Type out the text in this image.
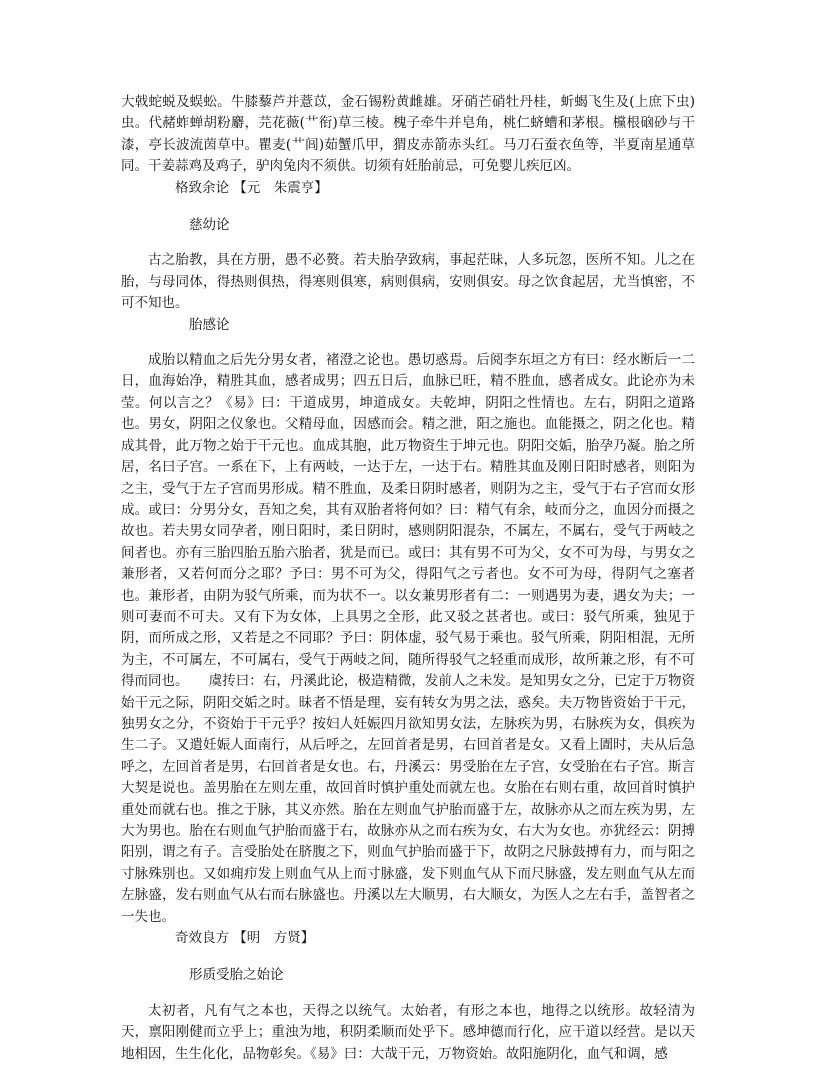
大戟蛇蜕及蜈蚣。牛膝藜芦并薏苡，金石锡粉黄雌雄。牙硝芒硝牡丹桂，蚚蝎飞生及(上庶下虫)虫。代赭蚱蝉胡粉麝，芫花薇(艹衔)草三棱。槐子牵牛并皂角，桃仁蛴螬和茅根。欓根硇砂与干漆，亭长波流茵草中。瞿麦(艹闾)茹蟹爪甲，猬皮赤箭赤头红。马刀石蚕衣鱼等，半夏南星通草同。干姜蒜鸡及鸡子，驴肉兔肉不须供。切须有妊胎前忌，可免婴儿疾厄凶。

格致余论 【元　朱震亨】

慈幼论

古之胎教，具在方册，愚不必赘。若夫胎孕致病，事起茫昧，人多玩忽，医所不知。儿之在胎，与母同体，得热则俱热，得寒则俱寒，病则俱病，安则俱安。母之饮食起居，尤当慎密，不可不知也。

胎感论

成胎以精血之后先分男女者，褚澄之论也。愚切惑焉。后阅李东垣之方有曰：经水断后一二日，血海始净，精胜其血，感者成男；四五日后，血脉已旺，精不胜血，感者成女。此论亦为未莹。何以言之？《易》曰：干道成男，坤道成女。夫乾坤，阴阳之性情也。左右，阴阳之道路也。男女，阴阳之仪象也。父精母血，因感而会。精之泄，阳之施也。血能摄之，阴之化也。精成其骨，此万物之始于干元也。血成其胞，此万物资生于坤元也。阴阳交姤，胎孕乃凝。胎之所居，名曰子宫。一系在下，上有两岐，一达于左，一达于右。精胜其血及刚日阳时感者，则阳为之主，受气于左子宫而男形成。精不胜血，及柔日阴时感者，则阴为之主，受气于右子宫而女形成。或曰：分男分女，吾知之矣，其有双胎者将何如？曰：精气有余，岐而分之，血因分而摄之故也。若夫男女同孕者，刚日阳时，柔日阴时，感则阴阳混杂，不属左，不属右，受气于两岐之间者也。亦有三胎四胎五胎六胎者，犹是而已。或曰：其有男不可为父，女不可为母，与男女之兼形者，又若何而分之耶？予曰：男不可为父，得阳气之亏者也。女不可为母，得阴气之塞者也。兼形者，由阴为驳气所乘，而为状不一。以女兼男形者有二：一则遇男为妻，遇女为夫；一则可妻而不可夫。又有下为女体，上具男之全形，此又驳之甚者也。或曰：驳气所乘，独见于阴，而所成之形，又若是之不同耶？予曰：阴体虚，驳气易于乘也。驳气所乘，阴阳相混，无所为主，不可属左，不可属右，受气于两岐之间，随所得驳气之轻重而成形，故所兼之形，有不可得而同也。　　虞抟曰：右，丹溪此论，极造精微，发前人之未发。是知男女之分，已定于万物资始干元之际，阴阳交姤之时。昧者不悟是理，妄有转女为男之法，惑矣。夫万物皆资始于干元，独男女之分，不资始于干元乎？按妇人妊娠四月欲知男女法，左脉疾为男，右脉疾为女，俱疾为生二子。又遣妊娠人面南行，从后呼之，左回首者是男，右回首者是女。又看上圊时，夫从后急呼之，左回首者是男，右回首者是女也。右，丹溪云：男受胎在左子宫，女受胎在右子宫。斯言大契是说也。盖男胎在左则左重，故回首时慎护重处而就左也。女胎在右则右重，故回首时慎护重处而就右也。推之于脉，其义亦然。胎在左则血气护胎而盛于左，故脉亦从之而左疾为男，左大为男也。胎在右则血气护胎而盛于右，故脉亦从之而右疾为女，右大为女也。亦犹经云：阴搏阳别，谓之有子。言受胎处在脐腹之下，则血气护胎而盛于下，故阴之尺脉鼓搏有力，而与阳之寸脉殊别也。又如痈疖发上则血气从上而寸脉盛，发下则血气从下而尺脉盛，发左则血气从左而左脉盛，发右则血气从右而右脉盛也。丹溪以左大顺男，右大顺女，为医人之左右手，盖智者之一失也。

奇效良方 【明　方贤】

形质受胎之始论

太初者，凡有气之本也，天得之以统气。太始者，有形之本也，地得之以统形。故轻清为天，禀阳刚健而立乎上；重浊为地，积阴柔顺而处乎下。感坤德而行化，应干道以经营。是以天地相因，生生化化，品物彰矣。《易》曰：大哉干元，万物资始。故阳施阴化，血气和调，感
